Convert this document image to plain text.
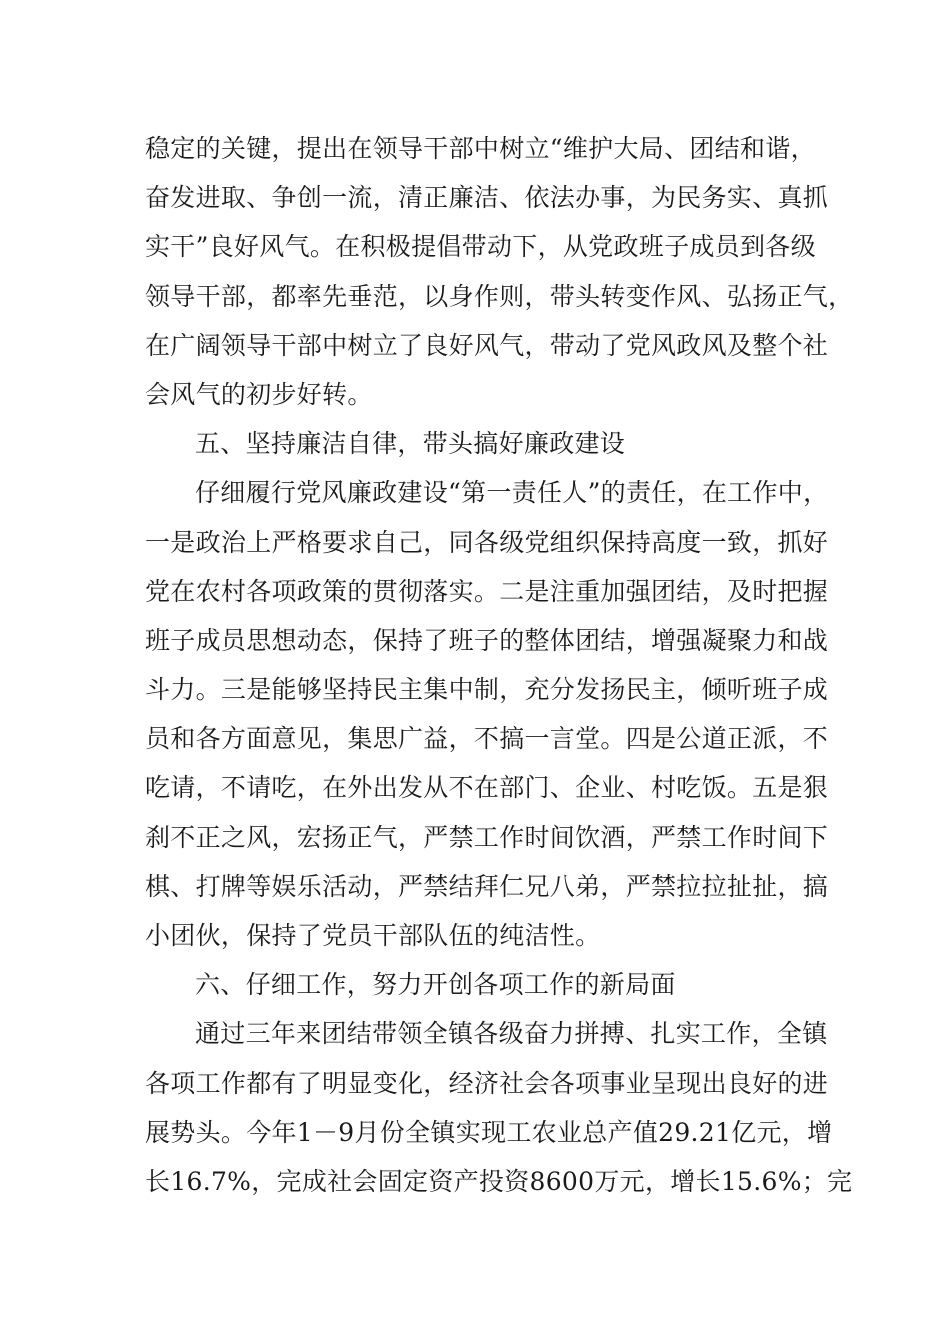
稳定的关键，提出在领导干部中树立“维护大局、团结和谐，
奋发进取、争创一流，清正廉洁、依法办事，为民务实、真抓
实干”良好风气。在积极提倡带动下，从党政班子成员到各级
领导干部，都率先垂范，以身作则，带头转变作风、弘扬正气，
在广阔领导干部中树立了良好风气，带动了党风政风及整个社
会风气的初步好转。
五、坚持廉洁自律，带头搞好廉政建设
仔细履行党风廉政建设“第一责任人”的责任，在工作中，
一是政治上严格要求自己，同各级党组织保持高度一致，抓好
党在农村各项政策的贯彻落实。二是注重加强团结，及时把握
班子成员思想动态，保持了班子的整体团结，增强凝聚力和战
斗力。三是能够坚持民主集中制，充分发扬民主，倾听班子成
员和各方面意见，集思广益，不搞一言堂。四是公道正派，不
吃请，不请吃，在外出发从不在部门、企业、村吃饭。五是狠
刹不正之风，宏扬正气，严禁工作时间饮酒，严禁工作时间下
棋、打牌等娱乐活动，严禁结拜仁兄八弟，严禁拉拉扯扯，搞
小团伙，保持了党员干部队伍的纯洁性。
六、仔细工作，努力开创各项工作的新局面
通过三年来团结带领全镇各级奋力拼搏、扎实工作，全镇
各项工作都有了明显变化，经济社会各项事业呈现出良好的进
展势头。今年1－9月份全镇实现工农业总产值29.21亿元，增
长16.7%，完成社会固定资产投资8600万元，增长15.6%；完
